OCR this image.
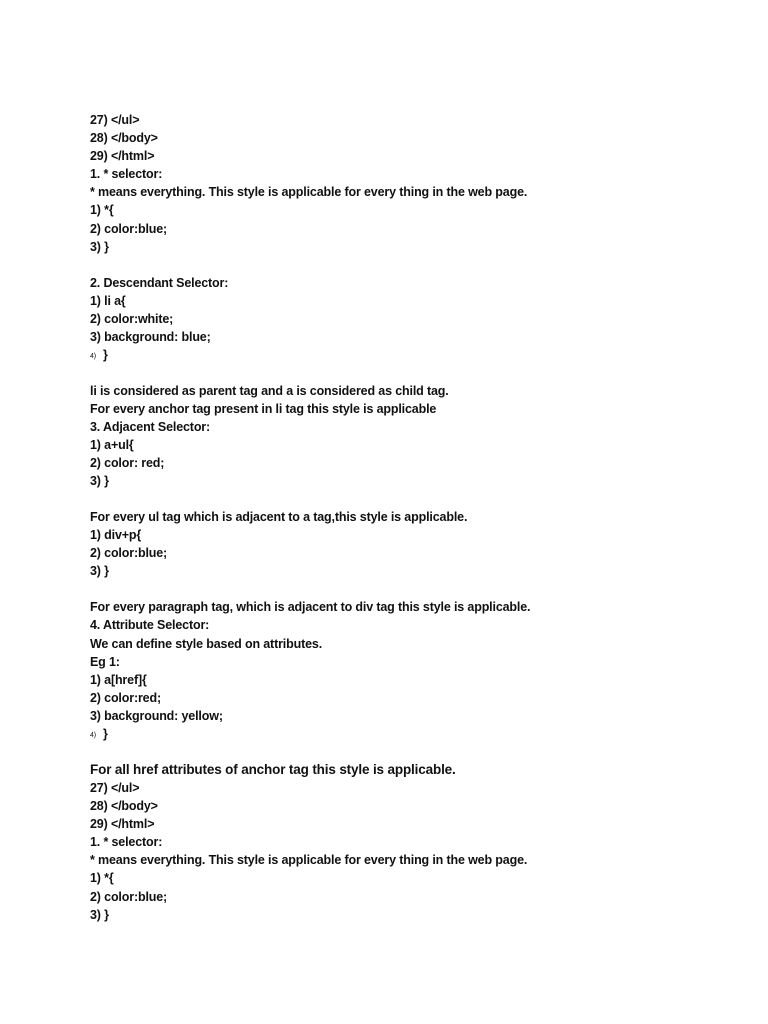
27) </ul>
28) </body>
29) </html>
1. * selector:
* means everything. This style is applicable for every thing in the web page.
1) *{
2) color:blue;
3) }
2. Descendant Selector:
1) li a{
2) color:white;
3) background: blue;
4) }
li is considered as parent tag and a is considered as child tag.
For every anchor tag present in li tag this style is applicable
3. Adjacent Selector:
1) a+ul{
2) color: red;
3) }
For every ul tag which is adjacent to a tag,this style is applicable.
1) div+p{
2) color:blue;
3) }
For every paragraph tag, which is adjacent to div tag this style is applicable.
4. Attribute Selector:
We can define style based on attributes.
Eg 1:
1) a[href]{
2) color:red;
3) background: yellow;
4) }
For all href attributes of anchor tag this style is applicable.
27) </ul>
28) </body>
29) </html>
1. * selector:
* means everything. This style is applicable for every thing in the web page.
1) *{
2) color:blue;
3) }
